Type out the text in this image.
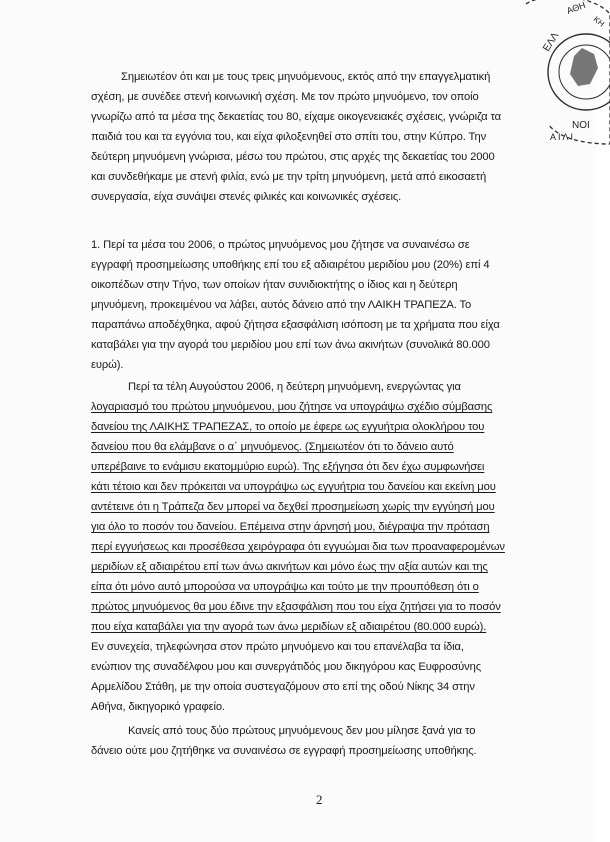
ΕΛΛ
ΑΘΗ
ΝΟΙ
Α Ι Λ Ι
ΚΗ
Σημειωτέον ότι και με τους τρεις μηνυόμενους, εκτός από την επαγγελματική
σχέση, με συνέδεε στενή κοινωνική σχέση. Με τον πρώτο μηνυόμενο, τον οποίο
γνωρίζω από τα μέσα της δεκαετίας του 80, είχαμε οικογενειακές σχέσεις, γνώριζα τα
παιδιά του και τα εγγόνια του, και είχα φιλοξενηθεί στο σπίτι του, στην Κύπρο. Την
δεύτερη μηνυόμενη γνώρισα, μέσω του πρώτου, στις αρχές της δεκαετίας του 2000
και συνδεθήκαμε με στενή φιλία, ενώ με την τρίτη μηνυόμενη, μετά από εικοσαετή
συνεργασία, είχα συνάψει στενές φιλικές και κοινωνικές σχέσεις.
1. Περί τα μέσα του 2006, ο πρώτος μηνυόμενος μου ζήτησε να συναινέσω σε
εγγραφή προσημείωσης υποθήκης επί του εξ αδιαιρέτου μεριδίου μου (20%) επί 4
οικοπέδων στην Τήνο, των οποίων ήταν συνιδιοκτήτης ο ίδιος και η δεύτερη
μηνυόμενη, προκειμένου να λάβει, αυτός δάνειο από την ΛΑΙΚΗ ΤΡΑΠΕΖΑ. Το
παραπάνω αποδέχθηκα, αφού ζήτησα εξασφάλιση ισόποση με τα χρήματα που είχα
καταβάλει για την αγορά του μεριδίου μου επί των άνω ακινήτων (συνολικά 80.000
ευρώ).
Περί τα τέλη Αυγούστου 2006, η δεύτερη μηνυόμενη, ενεργώντας για
λογαριασμό του πρώτου μηνυόμενου, μου ζήτησε να υπογράψω σχέδιο σύμβασης
δανείου της ΛΑΙΚΗΣ ΤΡΑΠΕΖΑΣ, το οποίο με έφερε ως εγγυήτρια ολοκλήρου του
δανείου που θα ελάμβανε ο α΄ μηνυόμενος. (Σημειωτέον ότι το δάνειο αυτό
υπερέβαινε το ενάμισυ εκατομμύριο ευρώ). Της εξήγησα ότι δεν έχω συμφωνήσει
κάτι τέτοιο και δεν πρόκειται να υπογράψω ως εγγυήτρια του δανείου και εκείνη μου
αντέτεινε ότι η Τράπεζα δεν μπορεί να δεχθεί προσημείωση χωρίς την εγγύησή μου
για όλο το ποσόν του δανείου. Επέμεινα στην άρνησή μου, διέγραψα την πρόταση
περί εγγυήσεως και προσέθεσα χειρόγραφα ότι εγγυώμαι δια των προαναφερομένων
μεριδίων εξ αδιαιρέτου επί των άνω ακινήτων και μόνο έως την αξία αυτών και της
είπα ότι μόνο αυτό μπορούσα να υπογράψω και τούτο με την προυπόθεση ότι ο
πρώτος μηνυόμενος θα μου έδινε την εξασφάλιση που του είχα ζητήσει για το ποσόν
που είχα καταβάλει για την αγορά των άνω μεριδίων εξ αδιαιρέτου (80.000 ευρώ).
Εν συνεχεία, τηλεφώνησα στον πρώτο μηνυόμενο και του επανέλαβα τα ίδια,
ενώπιον της συναδέλφου μου και συνεργάτιδός μου δικηγόρου κας Ευφροσύνης
Αρμελίδου Στάθη, με την οποία συστεγαζόμουν στο επί της οδού Νίκης 34 στην
Αθήνα, δικηγορικό γραφείο.
Κανείς από τους δύο πρώτους μηνυόμενους δεν μου μίλησε ξανά για το
δάνειο ούτε μου ζητήθηκε να συναινέσω σε εγγραφή προσημείωσης υποθήκης.
2
